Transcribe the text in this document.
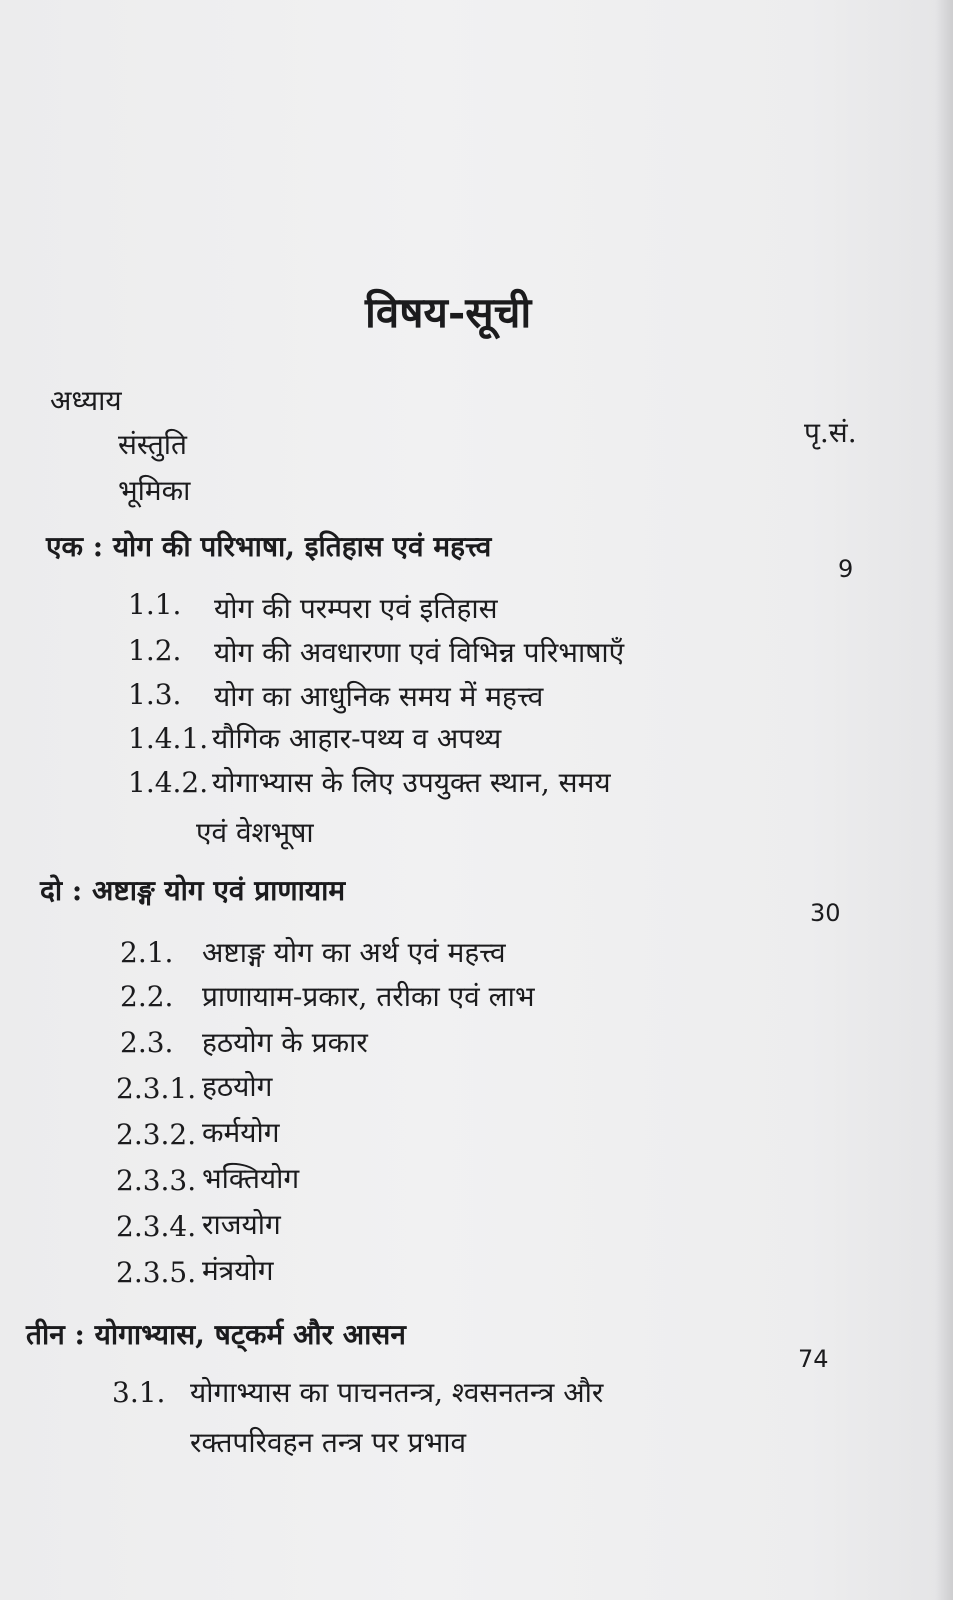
विषय-सूची
अध्याय
पृ.सं.
संस्तुति
भूमिका
एक : योग की परिभाषा, इतिहास एवं महत्त्व
9
1.1. योग की परम्परा एवं इतिहास
1.2. योग की अवधारणा एवं विभिन्न परिभाषाएँ
1.3. योग का आधुनिक समय में महत्त्व
1.4.1. यौगिक आहार-पथ्य व अपथ्य
1.4.2. योगाभ्यास के लिए उपयुक्त स्थान, समय
एवं वेशभूषा
दो : अष्टाङ्ग योग एवं प्राणायाम
30
2.1. अष्टाङ्ग योग का अर्थ एवं महत्त्व
2.2. प्राणायाम-प्रकार, तरीका एवं लाभ
2.3. हठयोग के प्रकार
2.3.1. हठयोग
2.3.2. कर्मयोग
2.3.3. भक्तियोग
2.3.4. राजयोग
2.3.5. मंत्रयोग
तीन : योगाभ्यास, षट्कर्म और आसन
74
3.1. योगाभ्यास का पाचनतन्त्र, श्वसनतन्त्र और
रक्तपरिवहन तन्त्र पर प्रभाव
